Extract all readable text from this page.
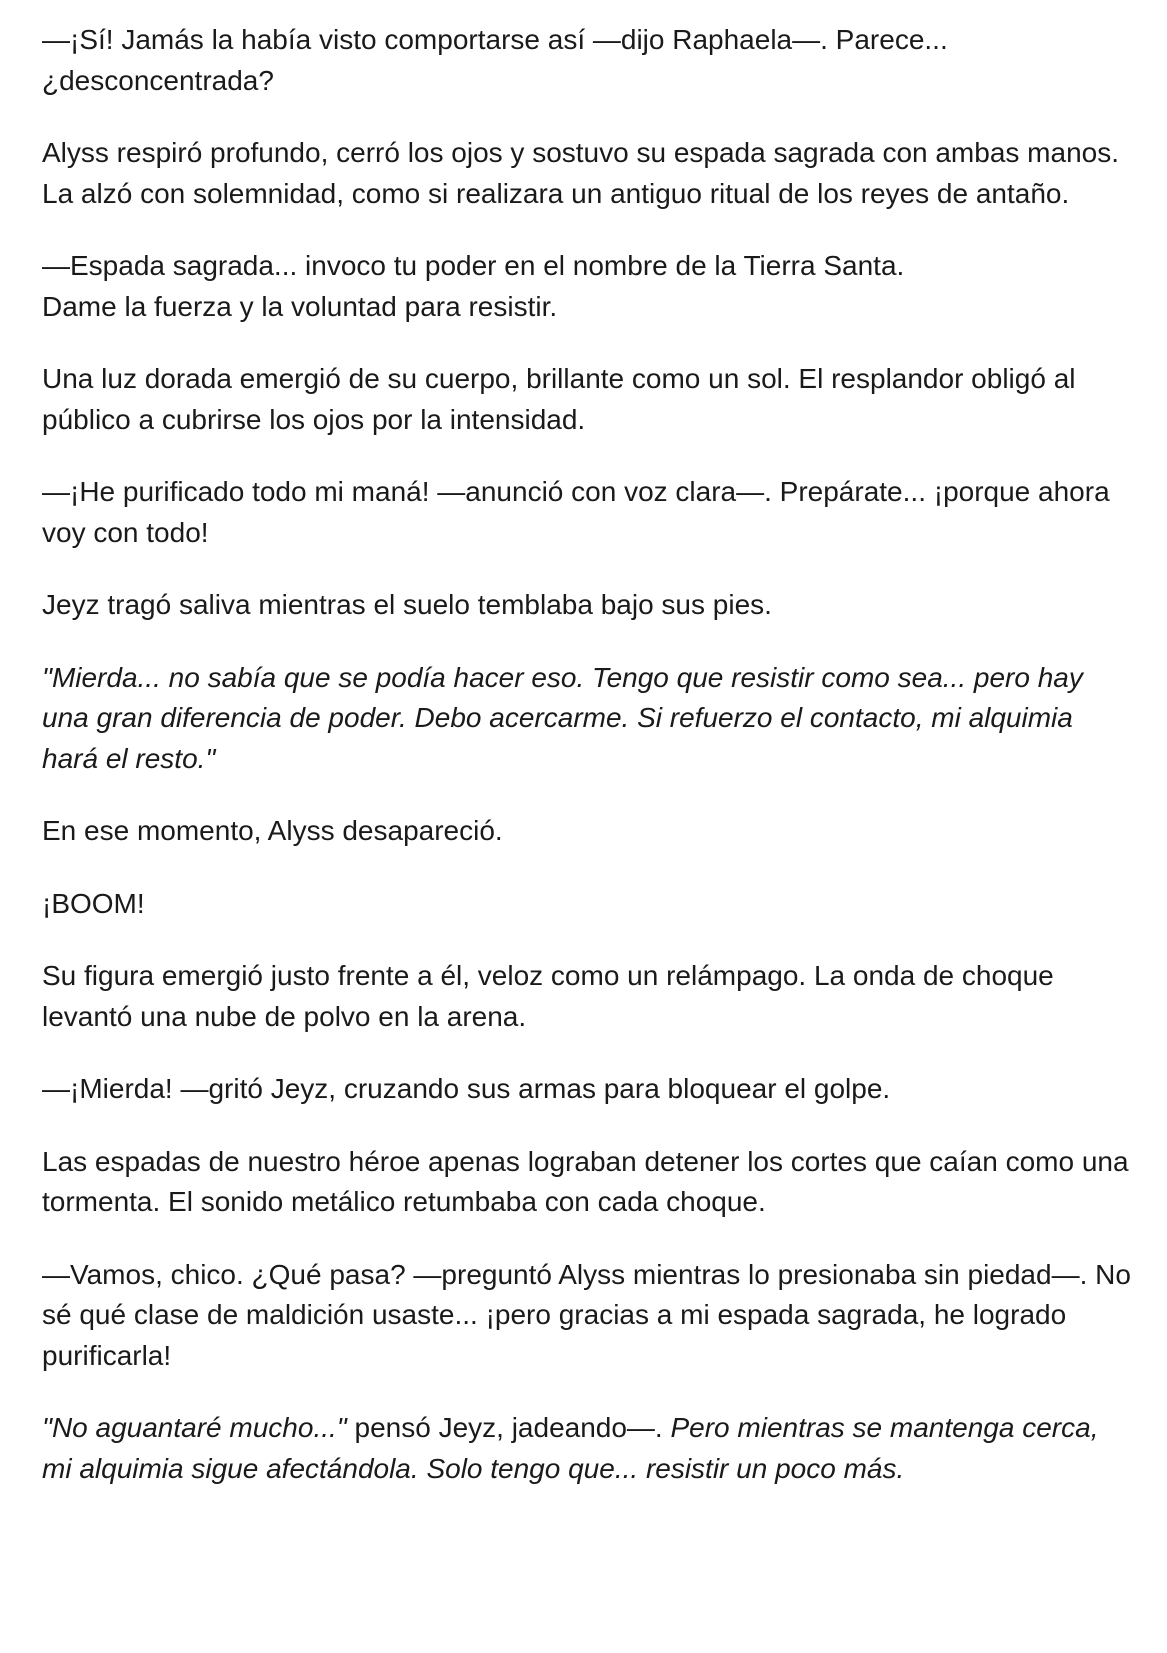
—¡Sí! Jamás la había visto comportarse así —dijo Raphaela—. Parece... ¿desconcentrada?

Alyss respiró profundo, cerró los ojos y sostuvo su espada sagrada con ambas manos. La alzó con solemnidad, como si realizara un antiguo ritual de los reyes de antaño.

—Espada sagrada... invoco tu poder en el nombre de la Tierra Santa.
Dame la fuerza y la voluntad para resistir.

Una luz dorada emergió de su cuerpo, brillante como un sol. El resplandor obligó al público a cubrirse los ojos por la intensidad.

—¡He purificado todo mi maná! —anunció con voz clara—. Prepárate... ¡porque ahora voy con todo!

Jeyz tragó saliva mientras el suelo temblaba bajo sus pies.

"Mierda... no sabía que se podía hacer eso. Tengo que resistir como sea... pero hay una gran diferencia de poder. Debo acercarme. Si refuerzo el contacto, mi alquimia hará el resto."

En ese momento, Alyss desapareció.

¡BOOM!

Su figura emergió justo frente a él, veloz como un relámpago. La onda de choque levantó una nube de polvo en la arena.

—¡Mierda! —gritó Jeyz, cruzando sus armas para bloquear el golpe.

Las espadas de nuestro héroe apenas lograban detener los cortes que caían como una tormenta. El sonido metálico retumbaba con cada choque.

—Vamos, chico. ¿Qué pasa? —preguntó Alyss mientras lo presionaba sin piedad—. No sé qué clase de maldición usaste... ¡pero gracias a mi espada sagrada, he logrado purificarla!

"No aguantaré mucho..." pensó Jeyz, jadeando—. Pero mientras se mantenga cerca, mi alquimia sigue afectándola. Solo tengo que... resistir un poco más.
